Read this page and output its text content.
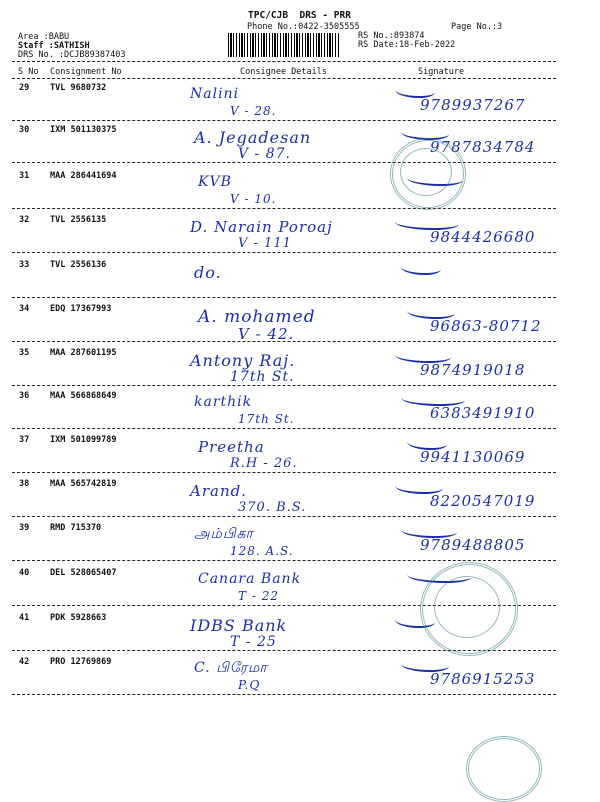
TPC/CJB  DRS - PRR
Phone No.:0422-3505555
Area :BABU
Staff :SATHISH
DRS No. :DCJB89387403
RS No.:893874
RS Date:18-Feb-2022
Page No.:3
S No Consignment No	Consignee Details	Signature
29 TVL 9680732	Nalini
V - 28.	9789937267
30 IXM 501130375	A. Jegadesan
V - 87.	9787834784
31 MAA 286441694	KVB
V - 10.
32 TVL 2556135	D. Narain Poroaj
V - 111	9844426680
33 TVL 2556136	do.
34 EDQ 17367993	A. mohamed
V - 42.	96863-80712
35 MAA 287601195	Antony Raj.
17th St.	9874919018
36 MAA 566868649	karthik
17th St.	6383491910
37 IXM 501099789	Preetha
R.H - 26.	9941130069
38 MAA 565742819	Arand.
370. B.S.	8220547019
39 RMD 715370	அம்பிகா
128. A.S.	9789488805
40 DEL 528065407	Canara Bank
T - 22
41 PDK 5928663	IDBS Bank
T - 25
42 PRO 12769869	C. பிரேமா
P.Q	9786915253
